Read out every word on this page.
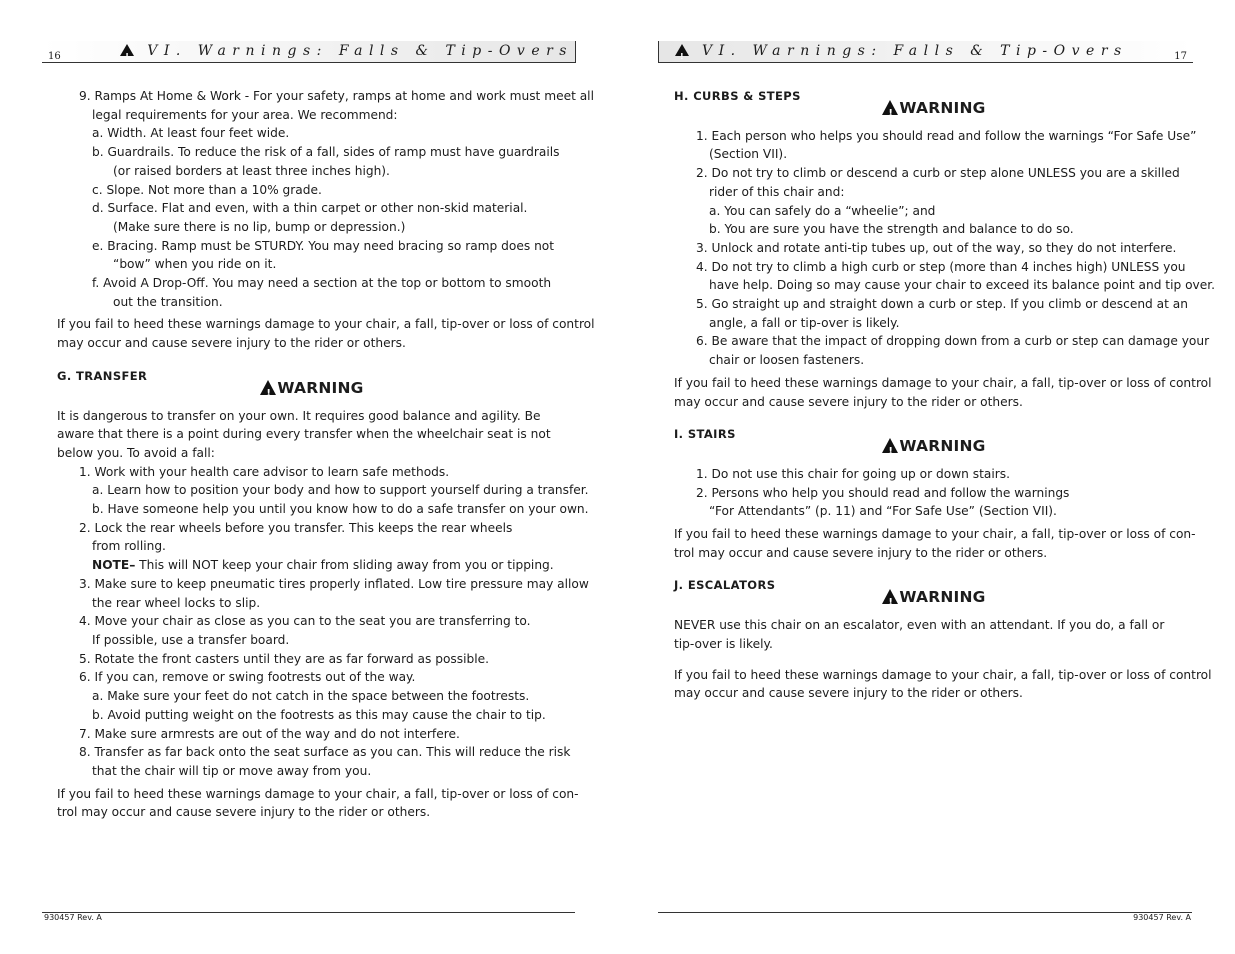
16
!	VI. Warnings: Falls & Tip-Overs
9. Ramps At Home & Work - For your safety, ramps at home and work must meet all
legal requirements for your area. We recommend:
a. Width. At least four feet wide.
b. Guardrails. To reduce the risk of a fall, sides of ramp must have guardrails
(or raised borders at least three inches high).
c. Slope. Not more than a 10% grade.
d. Surface. Flat and even, with a thin carpet or other non-skid material.
(Make sure there is no lip, bump or depression.)
e. Bracing. Ramp must be STURDY. You may need bracing so ramp does not
“bow” when you ride on it.
f. Avoid A Drop-Off. You may need a section at the top or bottom to smooth
out the transition.
If you fail to heed these warnings damage to your chair, a fall, tip-over or loss of control
may occur and cause severe injury to the rider or others.
G. TRANSFER
!WARNING
It is dangerous to transfer on your own. It requires good balance and agility. Be
aware that there is a point during every transfer when the wheelchair seat is not
below you. To avoid a fall:
1. Work with your health care advisor to learn safe methods.
a. Learn how to position your body and how to support yourself during a transfer.
b. Have someone help you until you know how to do a safe transfer on your own.
2. Lock the rear wheels before you transfer. This keeps the rear wheels
from rolling.
NOTE– This will NOT keep your chair from sliding away from you or tipping.
3. Make sure to keep pneumatic tires properly inflated. Low tire pressure may allow
the rear wheel locks to slip.
4. Move your chair as close as you can to the seat you are transferring to.
If possible, use a transfer board.
5. Rotate the front casters until they are as far forward as possible.
6. If you can, remove or swing footrests out of the way.
a. Make sure your feet do not catch in the space between the footrests.
b. Avoid putting weight on the footrests as this may cause the chair to tip.
7. Make sure armrests are out of the way and do not interfere.
8. Transfer as far back onto the seat surface as you can. This will reduce the risk
that the chair will tip or move away from you.
If you fail to heed these warnings damage to your chair, a fall, tip-over or loss of con-
trol may occur and cause severe injury to the rider or others.
930457 Rev. A
! VI. Warnings: Falls & Tip-Overs	17
H. CURBS & STEPS
!WARNING
1. Each person who helps you should read and follow the warnings “For Safe Use”
(Section VII).
2. Do not try to climb or descend a curb or step alone UNLESS you are a skilled
rider of this chair and:
a. You can safely do a “wheelie”; and
b. You are sure you have the strength and balance to do so.
3. Unlock and rotate anti-tip tubes up, out of the way, so they do not interfere.
4. Do not try to climb a high curb or step (more than 4 inches high) UNLESS you
have help. Doing so may cause your chair to exceed its balance point and tip over.
5. Go straight up and straight down a curb or step. If you climb or descend at an
angle, a fall or tip-over is likely.
6. Be aware that the impact of dropping down from a curb or step can damage your
chair or loosen fasteners.
If you fail to heed these warnings damage to your chair, a fall, tip-over or loss of control
may occur and cause severe injury to the rider or others.
I. STAIRS
!WARNING
1. Do not use this chair for going up or down stairs.
2. Persons who help you should read and follow the warnings
“For Attendants” (p. 11) and “For Safe Use” (Section VII).
If you fail to heed these warnings damage to your chair, a fall, tip-over or loss of con-
trol may occur and cause severe injury to the rider or others.
J. ESCALATORS
!WARNING
NEVER use this chair on an escalator, even with an attendant. If you do, a fall or
tip-over is likely.
If you fail to heed these warnings damage to your chair, a fall, tip-over or loss of control
may occur and cause severe injury to the rider or others.
930457 Rev. A
